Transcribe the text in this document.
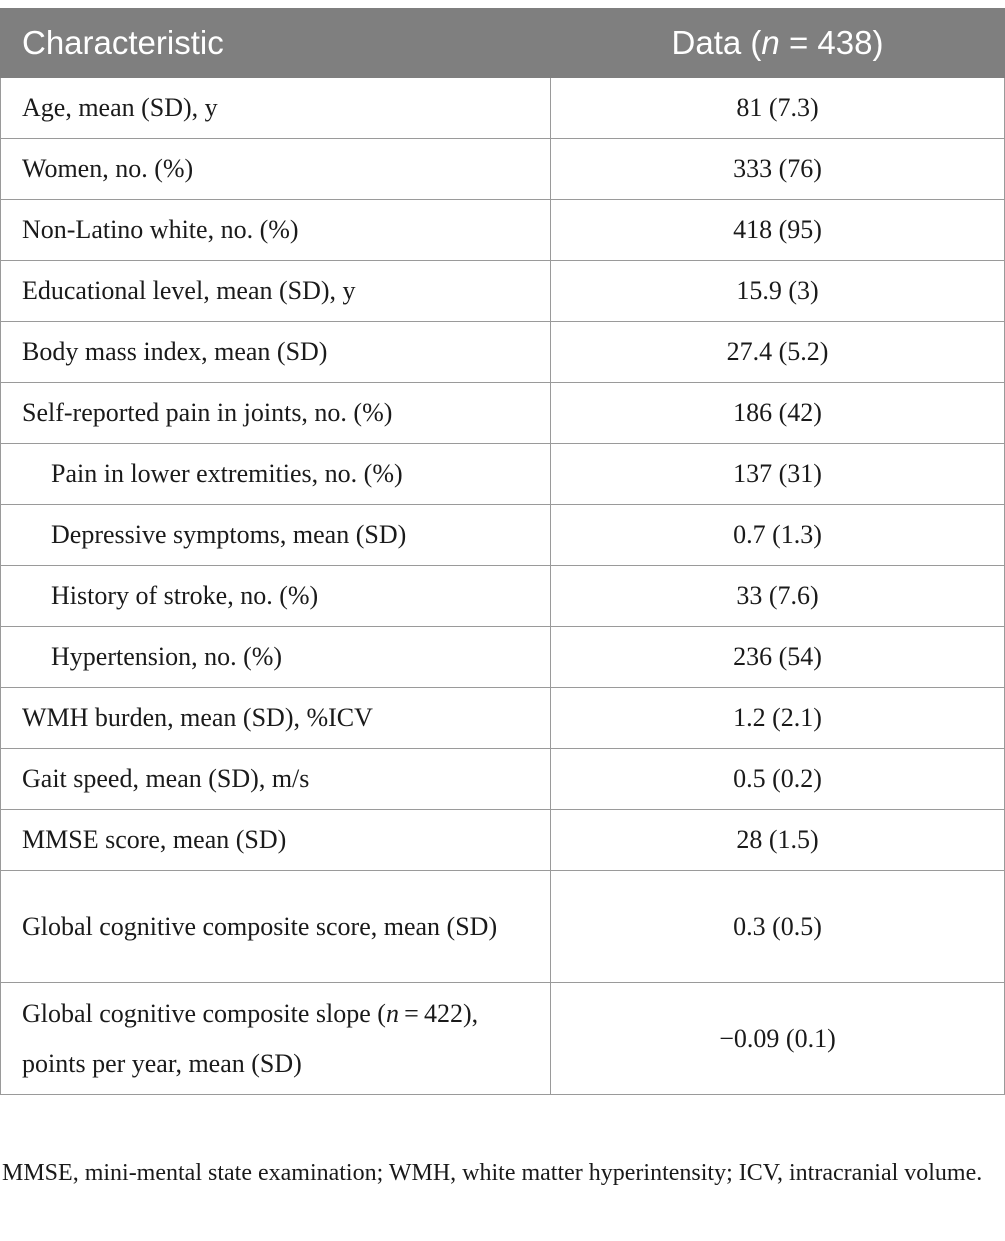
Characteristic	Data (n = 438)
Age, mean (SD), y	81 (7.3)
Women, no. (%)	333 (76)
Non-Latino white, no. (%)	418 (95)
Educational level, mean (SD), y	15.9 (3)
Body mass index, mean (SD)	27.4 (5.2)
Self-reported pain in joints, no. (%)	186 (42)
Pain in lower extremities, no. (%)	137 (31)
Depressive symptoms, mean (SD)	0.7 (1.3)
History of stroke, no. (%)	33 (7.6)
Hypertension, no. (%)	236 (54)
WMH burden, mean (SD), %ICV	1.2 (2.1)
Gait speed, mean (SD), m/s	0.5 (0.2)
MMSE score, mean (SD)	28 (1.5)
Global cognitive composite score, mean (SD)	0.3 (0.5)
Global cognitive composite slope (n = 422), points per year, mean (SD)	−0.09 (0.1)
MMSE, mini-mental state examination; WMH, white matter hyperintensity; ICV, intracranial volume.
